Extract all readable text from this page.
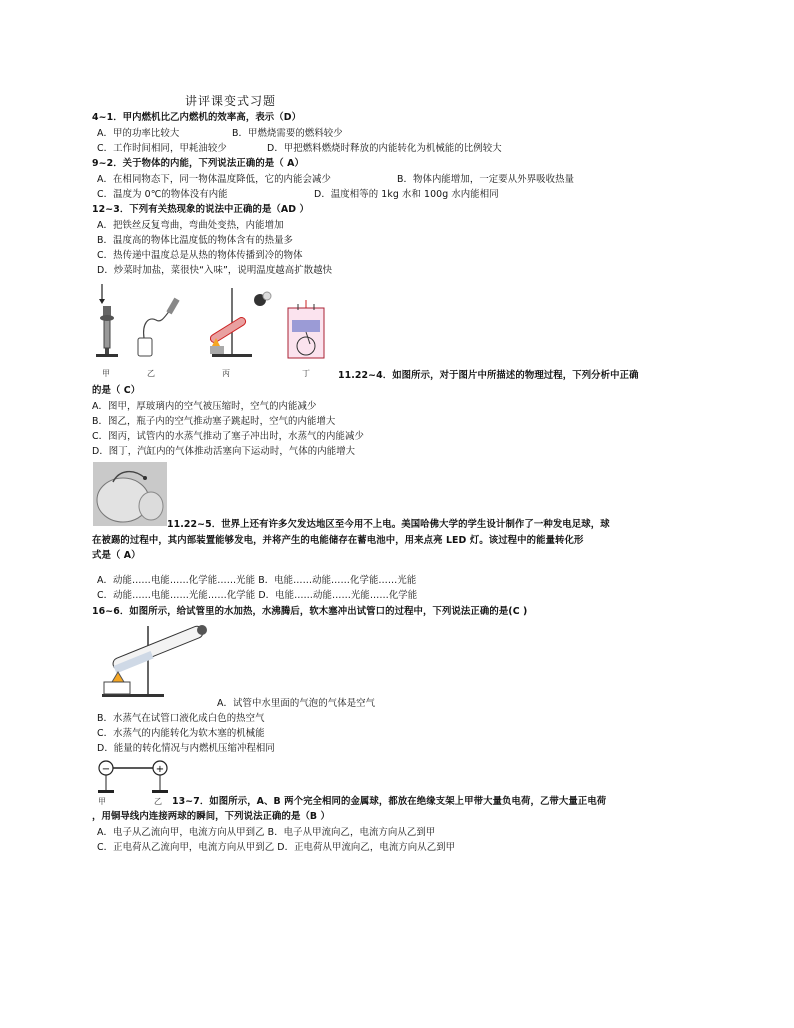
讲评课变式习题
4~1．甲内燃机比乙内燃机的效率高，表示（D）
A．甲的功率比较大	B．甲燃烧需要的燃料较少
C．工作时间相同，甲耗油较少	D．甲把燃料燃烧时释放的内能转化为机械能的比例较大
9~2．关于物体的内能，下列说法正确的是（ A）
A．在相同物态下，同一物体温度降低，它的内能会减少	B．物体内能增加，一定要从外界吸收热量
C．温度为 0℃的物体没有内能	D．温度相等的 1kg 水和 100g 水内能相同
12~3．下列有关热现象的说法中正确的是（AD ）
A．把铁丝反复弯曲，弯曲处变热，内能增加
B．温度高的物体比温度低的物体含有的热量多
C．热传递中温度总是从热的物体传播到冷的物体
D．炒菜时加盐，菜很快“入味”，说明温度越高扩散越快
甲	乙	丙	丁	11.22~4．如图所示，对于图片中所描述的物理过程，下列分析中正确
的是（ C）
A．图甲，厚玻璃内的空气被压缩时，空气的内能减少
B．图乙，瓶子内的空气推动塞子跳起时，空气的内能增大
C．图丙，试管内的水蒸气推动了塞子冲出时，水蒸气的内能减少
D．图丁，汽缸内的气体推动活塞向下运动时，气体的内能增大
11.22~5．世界上还有许多欠发达地区至今用不上电。美国哈佛大学的学生设计制作了一种发电足球，球
在被踢的过程中，其内部装置能够发电，并将产生的电能储存在蓄电池中，用来点亮 LED 灯。该过程中的能量转化形
式是（ A）
A．动能……电能……化学能……光能 B．电能……动能……化学能……光能
C．动能……电能……光能……化学能 D．电能……动能……光能……化学能
16~6．如图所示，给试管里的水加热，水沸腾后，软木塞冲出试管口的过程中，下列说法正确的是(C )
A．试管中水里面的气泡的气体是空气
B．水蒸气在试管口液化成白色的热空气
C．水蒸气的内能转化为软木塞的机械能
D．能量的转化情况与内燃机压缩冲程相同
−	+
甲	乙 13~7．如图所示，A、B 两个完全相同的金属球，都放在绝缘支架上甲带大量负电荷，乙带大量正电荷
，用铜导线内连接两球的瞬间，下列说法正确的是（B ）
A．电子从乙流向甲，电流方向从甲到乙 B．电子从甲流向乙，电流方向从乙到甲
C．正电荷从乙流向甲，电流方向从甲到乙 D．正电荷从甲流向乙，电流方向从乙到甲
